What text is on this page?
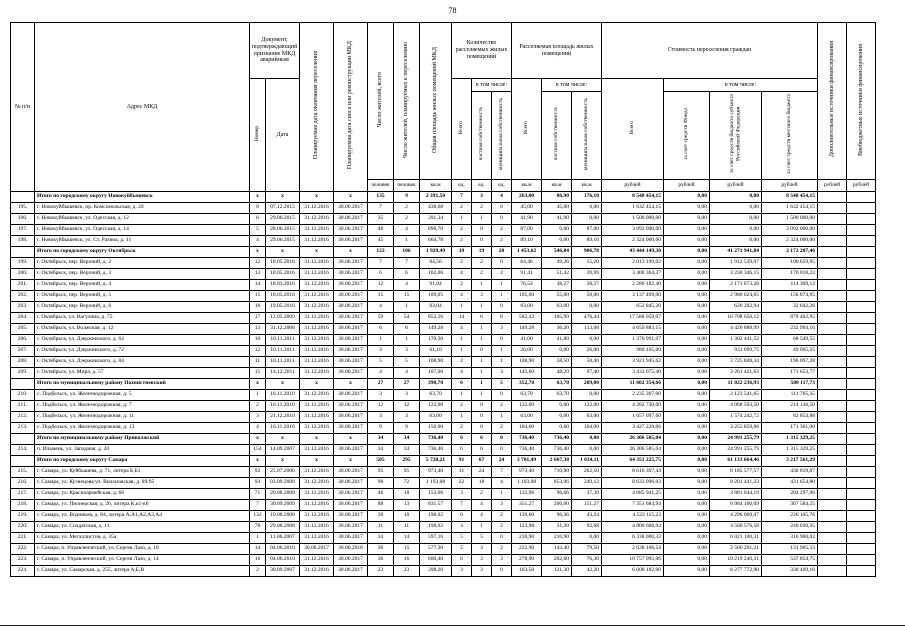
78
№ п/п	Адрес МКД	Документ, подтверждающий признание МКД аварийным		Планируемая дата окончания переселения	Планируемая дата сноса или реконструкции МКД	Число жителей, всего	Число жителей, планируемых к переселению	Общая площадь жилых помещений МКД	Количество расселяемых жилых помещений			Расселяемая площадь жилых помещений			Стоимость переселения граждан				Дополнительные источники финансирования	Внебюджетные источники финансирования
		Номер	Дата						Всего	в том числе:		Всего	в том числе:		Всего	в том числе:				
										частная собственность	муниципальная собственность		частная собственность	муниципальная собственность		за счет средств Фонда	за счет средств бюджета субъекта Российской Федерации	за счет средств местного бюджета		
						человек	человек	кв.м	ед.	ед.	ед.	кв.м	кв.м	кв.м	рублей	рублей	рублей	рублей	рублей	рублей
	Итого по городскому округу Новокуйбышевск	х	х	х	х	135	9	2 391,50	7	3	4	263,00	86,90	176,10	8 548 454,15	0,00	0,00	8 548 454,15		
195.	г. Новокуйбышевск, пр. Комсомольская, д. 20	8	07.12.2015	31.12.2016	30.06.2017	7	2	438,68	2	2	0	45,00	45,00	0,00	1 632 454,15	0,00	0,00	1 632 454,15		
196.	г. Новокуйбышевск, ул. Одесская, д. 12	6	29.06.2015	31.12.2016	30.06.2017	35	2	391,34	1	1	0	41,90	41,90	0,00	1 500 000,00	0,00	0,00	1 500 000,00		
197.	г. Новокуйбышевск, ул. Одесская, д. 14	5	28.06.2015	31.12.2016	30.06.2017	48	4	896,70	2	0	2	87,00	0,00	87,00	3 092 000,00	0,00	0,00	3 092 000,00		
198.	г. Новокуйбышевск, ул. Ст. Разина, д. 11	4	29.06.2015	31.12.2016	30.06.2017	45	1	664,78	2	0	2	89,10	0,00	89,10	2 324 000,00	0,00	0,00	2 324 000,00		
	Итого по городскому округу Октябрьск	х	х	х	х	122	106	1 929,49	39	19	20	1 453,62	546,84	906,78	43 444 149,30	0,00	41 271 941,84	2 172 207,46		
199.	г. Октябрьск, пер. Верхний, д. 2	12	18.05.2016	31.12.2016	30.06.2017	7	7	84,56	2	2	0	64,46	49,26	15,20	2 013 199,02	0,00	1 912 539,07	100 659,95		
200.	г. Октябрьск, пер. Верхний, д. 3	13	18.05.2016	31.12.2016	30.06.2017	6	6	102,06	4	2	2	91,41	51,42	39,99	3 400 364,37	0,00	3 230 346,15	170 018,22		
201.	г. Октябрьск, пер. Верхний, д. 4	14	18.03.2016	31.12.2016	30.06.2017	12	4	91,04	2	1	1	76,54	38,27	38,27	2 286 182,40	0,00	2 171 873,28	114 309,12		
202.	г. Октябрьск, пер. Верхний, д. 5	15	18.05.2016	31.12.2016	30.06.2017	15	15	109,05	4	3	1	105,00	55,00	50,00	3 137 499,00	0,00	2 980 624,05	156 874,95		
203.	г. Октябрьск, пер. Верхний, д. 6	16	19.05.2016	31.12.2016	30.06.2017	4	1	93,04	1	1	0	63,00	63,00	0,00	652 845,20	0,00	620 202,94	32 642,26		
204.	г. Октябрьск, ул. Вагулина, д. 75	17	12.05.2009	31.12.2016	30.06.2017	59	54	853,16	14	6	8	582,43	105,99	476,44	17 588 059,07	0,00	16 708 656,12	879 402,95		
205.	г. Октябрьск, ул. Волжская, д. 12	13	31.12.2008	31.12.2016	30.06.2017	6	6	149,28	4	1	3	149,28	36,20	113,08	4 659 883,15	0,00	4 426 888,99	232 994,16		
206.	г. Октябрьск, ул. Дзержинского, д. 64	10	10.11.2011	31.12.2016	30.06.2017	1	1	170,30	1	1	0	41,00	41,00	0,00	1 370 991,07	0,00	1 302 441,52	68 549,55		
207.	г. Октябрьск, ул. Дзержинского, д. 72	12	10.11.2011	31.12.2016	30.06.2017	3	3	61,10	1	0	1	26,00	0,00	26,00	980 105,00	0,00	931 099,75	49 005,25		
208.	г. Октябрьск, ул. Дзержинского, д. 84	11	10.11.2011	31.12.2016	30.06.2017	5	5	108,90	2	1	1	108,90	58,50	50,40	3 921 945,62	0,00	3 725 848,34	196 097,28		
209.	г. Октябрьск, ул. Мира, д. 57	15	14.12.2011	31.12.2016	30.06.2017	4	4	107,00	4	1	3	145,60	48,20	97,40	3 433 075,40	0,00	3 261 421,63	171 653,77		
	Итого по муниципальному району Похвистневский	х	х	х	х	27	27	398,70	6	1	5	352,70	63,70	289,00	11 602 354,66	0,00	11 022 236,93	580 117,73		
210.	с. Подбельск, ул. Железнодорожная, д. 5	1	16.11.2010	31.12.2016	30.06.2017	3	3	63,70	1	1	0	63,70	63,70	0,00	2 235 307,00	0,00	2 123 541,65	111 765,35		
211.	с. Подбельск, ул. Железнодорожная, д. 7	2	16.11.2010	31.12.2016	30.06.2017	12	12	122,00	2	0	2	122,00	0,00	122,00	4 282 730,00	0,00	4 068 593,50	214 136,50		
212.	с. Подбельск, ул. Железнодорожная, д. 11	3	21.12.2010	31.12.2016	30.06.2017	3	3	63,00	1	0	1	63,00	0,00	63,00	1 657 097,60	0,00	1 574 242,72	82 854,88		
213.	с. Подбельск, ул. Железнодорожная, д. 13	4	16.11.2010	31.12.2016	30.06.2017	9	9	150,00	2	0	2	104,00	0,00	104,00	3 427 220,06	0,00	3 255 859,06	171 361,00		
	Итого по муниципальному району Приволжский	х	х	х	х	34	34	736,40	6	6	0	736,40	736,40	0,00	26 306 585,04	0,00	24 991 255,79	1 315 329,25		
214.	п. Ильмень, ул. Западная, д. 20	154	14.09.2007	31.12.2016	30.06.2017	34	34	736,40	6	6	0	736,40	736,40	0,00	26 306 585,04	0,00	24 991 255,79	1 315 329,25		
	Итого по городскому округу Самара	х	х	х	х	505	295	5 720,21	91	67	24	3 701,49	2 667,38	1 034,11	64 351 225,75	0,00	61 133 664,46	3 217 561,29		
215.	г. Самара, ул. Куйбышева, д. 71, литера Б,Б1	92	25.07.2006	31.12.2016	30.06.2017	95	95	973,40	31	24	7	973,40	710,90	262,50	8 616 397,44	0,00	8 185 577,57	430 819,87		
216.	г. Самара, ул. Кузнецова/ул. Вилоновская, д. 89/95	93	03.09.2008	31.12.2016	30.06.2017	98	72	1 193,08	22	18	4	1 103,08	853,96	249,12	8 633 096,03	0,00	8 201 441,23	431 654,80		
217.	г. Самара, ул. Красноармейская, д. 66	71	20.08.2008	31.12.2016	30.06.2017	46	18	153,06	3	2	1	133,96	96,66	37,30	4 085 941,25	0,00	3 881 644,19	204 297,06		
218.	г. Самара, ул. Пионерская, д. 26, литера К,к1-к6	7	30.09.2009	31.12.2016	30.06.2017	88	13	831,57	7	4	3	351,27	200,00	151,27	7 351 684,94	0,00	6 984 100,69	367 584,25		
219.	г. Самара, ул. Водников, д. 84, литера А,А1,А2,А3,А4	132	19.08.2008	31.12.2016	30.06.2017	38	18	198,02	6	4	2	139,60	96,36	43,24	4 522 115,23	0,00	4 296 009,47	226 105,76		
220.	г. Самара, ул. Солдатская, д. 11	78	29.08.2008	31.12.2016	30.06.2017	11	11	198,02	3	1	2	123,98	31,30	92,68	4 800 606,93	0,00	4 560 576,58	240 030,35		
221.	г. Самара, ул. Металлистов, д. 35а	1	11.06.2007	31.12.2016	30.06.2017	34	14	597,16	5	5	0	210,90	210,90	0,00	6 338 000,33	0,00	6 021 100,31	316 900,02		
222.	г. Самара, п. Управленческий, ул. Сергея Лазо, д. 10	14	04.06.2010	30.06.2017	30.06.2018	36	15	577,30	5	3	2	222,90	143,40	79,50	2 638 106,54	0,00	2 506 201,21	131 905,33		
223.	г. Самара, п. Управленческий, ул. Сергея Лазо, д. 14	16	04.06.2010	31.12.2016	30.06.2017	36	16	600,40	6	3	3	278,90	202,60	76,30	10 757 095,06	0,00	10 219 240,31	537 854,75		
224.	г. Самара, ул. Самарская, д. 255, литера А,Б,В	2	30.09.2007	31.12.2016	30.06.2017	23	23	398,20	3	3	0	163,50	121,30	42,20	6 608 182,00	0,00	6 277 772,90	330 409,10		
